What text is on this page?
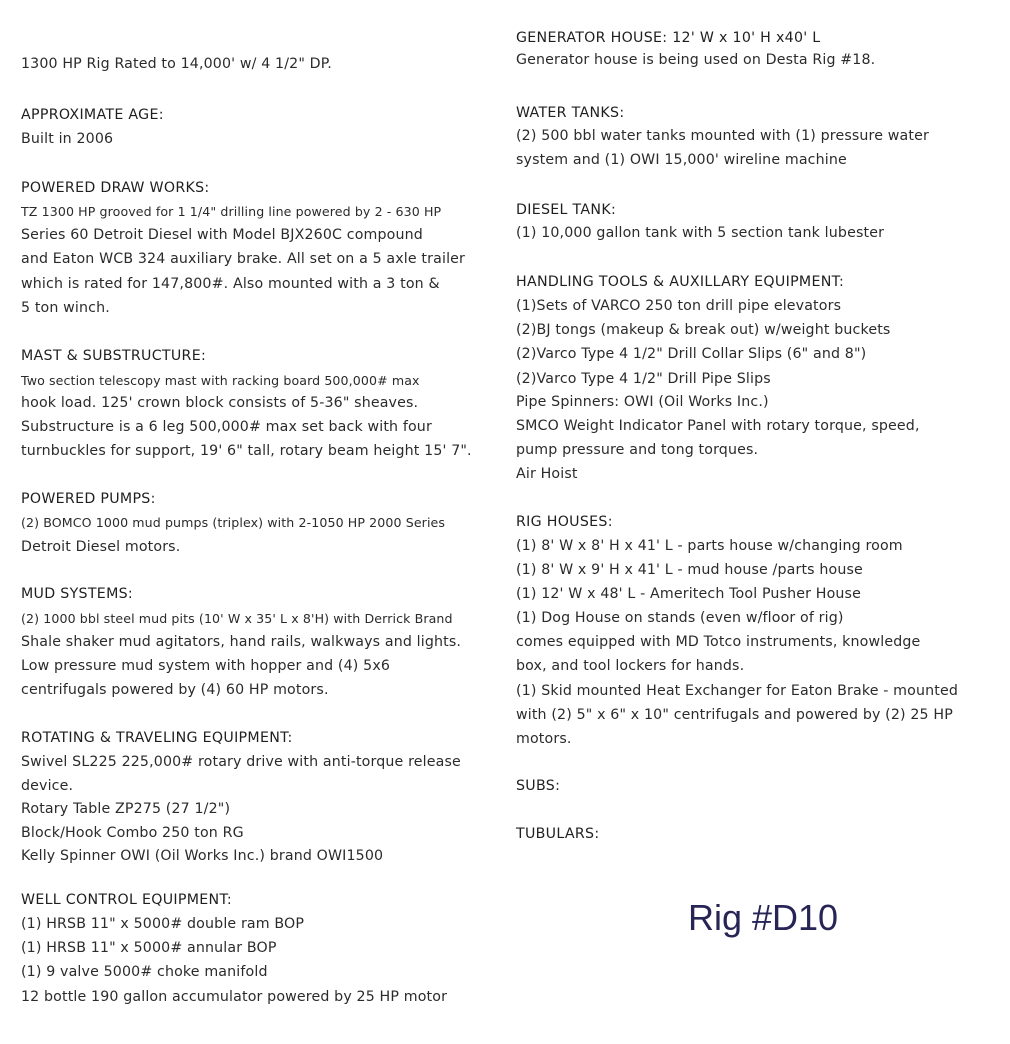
1300 HP Rig Rated to 14,000' w/ 4 1/2" DP.
APPROXIMATE AGE:
Built in 2006
POWERED DRAW WORKS:
TZ 1300 HP grooved for 1 1/4" drilling line powered by 2 - 630 HP
Series 60 Detroit Diesel with Model BJX260C compound
and Eaton WCB 324 auxiliary brake. All set on a 5 axle trailer
which is rated for 147,800#. Also mounted with a 3 ton &
5 ton winch.
MAST & SUBSTRUCTURE:
Two section telescopy mast with racking board 500,000# max
hook load. 125' crown block consists of 5-36" sheaves.
Substructure is a 6 leg 500,000# max set back with four
turnbuckles for support, 19' 6" tall, rotary beam height 15' 7".
POWERED PUMPS:
(2) BOMCO 1000 mud pumps (triplex) with 2-1050 HP 2000 Series
Detroit Diesel motors.
MUD SYSTEMS:
(2) 1000 bbl steel mud pits (10' W x 35' L x 8'H) with Derrick Brand
Shale shaker mud agitators, hand rails, walkways and lights.
Low pressure mud system with hopper and (4) 5x6
centrifugals powered by (4) 60 HP motors.
ROTATING & TRAVELING EQUIPMENT:
Swivel SL225 225,000# rotary drive with anti-torque release
device.
Rotary Table ZP275 (27 1/2")
Block/Hook Combo 250 ton RG
Kelly Spinner OWI (Oil Works Inc.) brand OWI1500
WELL CONTROL EQUIPMENT:
(1) HRSB 11" x 5000# double ram BOP
(1) HRSB 11" x 5000# annular BOP
(1) 9 valve 5000# choke manifold
12 bottle 190 gallon accumulator powered by 25 HP motor
GENERATOR HOUSE: 12' W x 10' H x40' L
Generator house is being used on Desta Rig #18.
WATER TANKS:
(2) 500 bbl water tanks mounted with (1) pressure water
system and (1) OWI 15,000' wireline machine
DIESEL TANK:
(1) 10,000 gallon tank with 5 section tank lubester
HANDLING TOOLS & AUXILLARY EQUIPMENT:
(1)Sets of VARCO 250 ton drill pipe elevators
(2)BJ tongs (makeup & break out) w/weight buckets
(2)Varco Type 4 1/2" Drill Collar Slips (6" and 8")
(2)Varco Type 4 1/2" Drill Pipe Slips
Pipe Spinners: OWI (Oil Works Inc.)
SMCO Weight Indicator Panel with rotary torque, speed,
pump pressure and tong torques.
Air Hoist
RIG HOUSES:
(1) 8' W x 8' H x 41' L - parts house w/changing room
(1) 8' W x 9' H x 41' L - mud house /parts house
(1) 12' W x 48' L - Ameritech Tool Pusher House
(1) Dog House on stands (even w/floor of rig)
comes equipped with MD Totco instruments, knowledge
box, and tool lockers for hands.
(1) Skid mounted Heat Exchanger for Eaton Brake - mounted
with (2) 5" x 6" x 10" centrifugals and powered by (2) 25 HP
motors.
SUBS:
TUBULARS:
Rig #D10
